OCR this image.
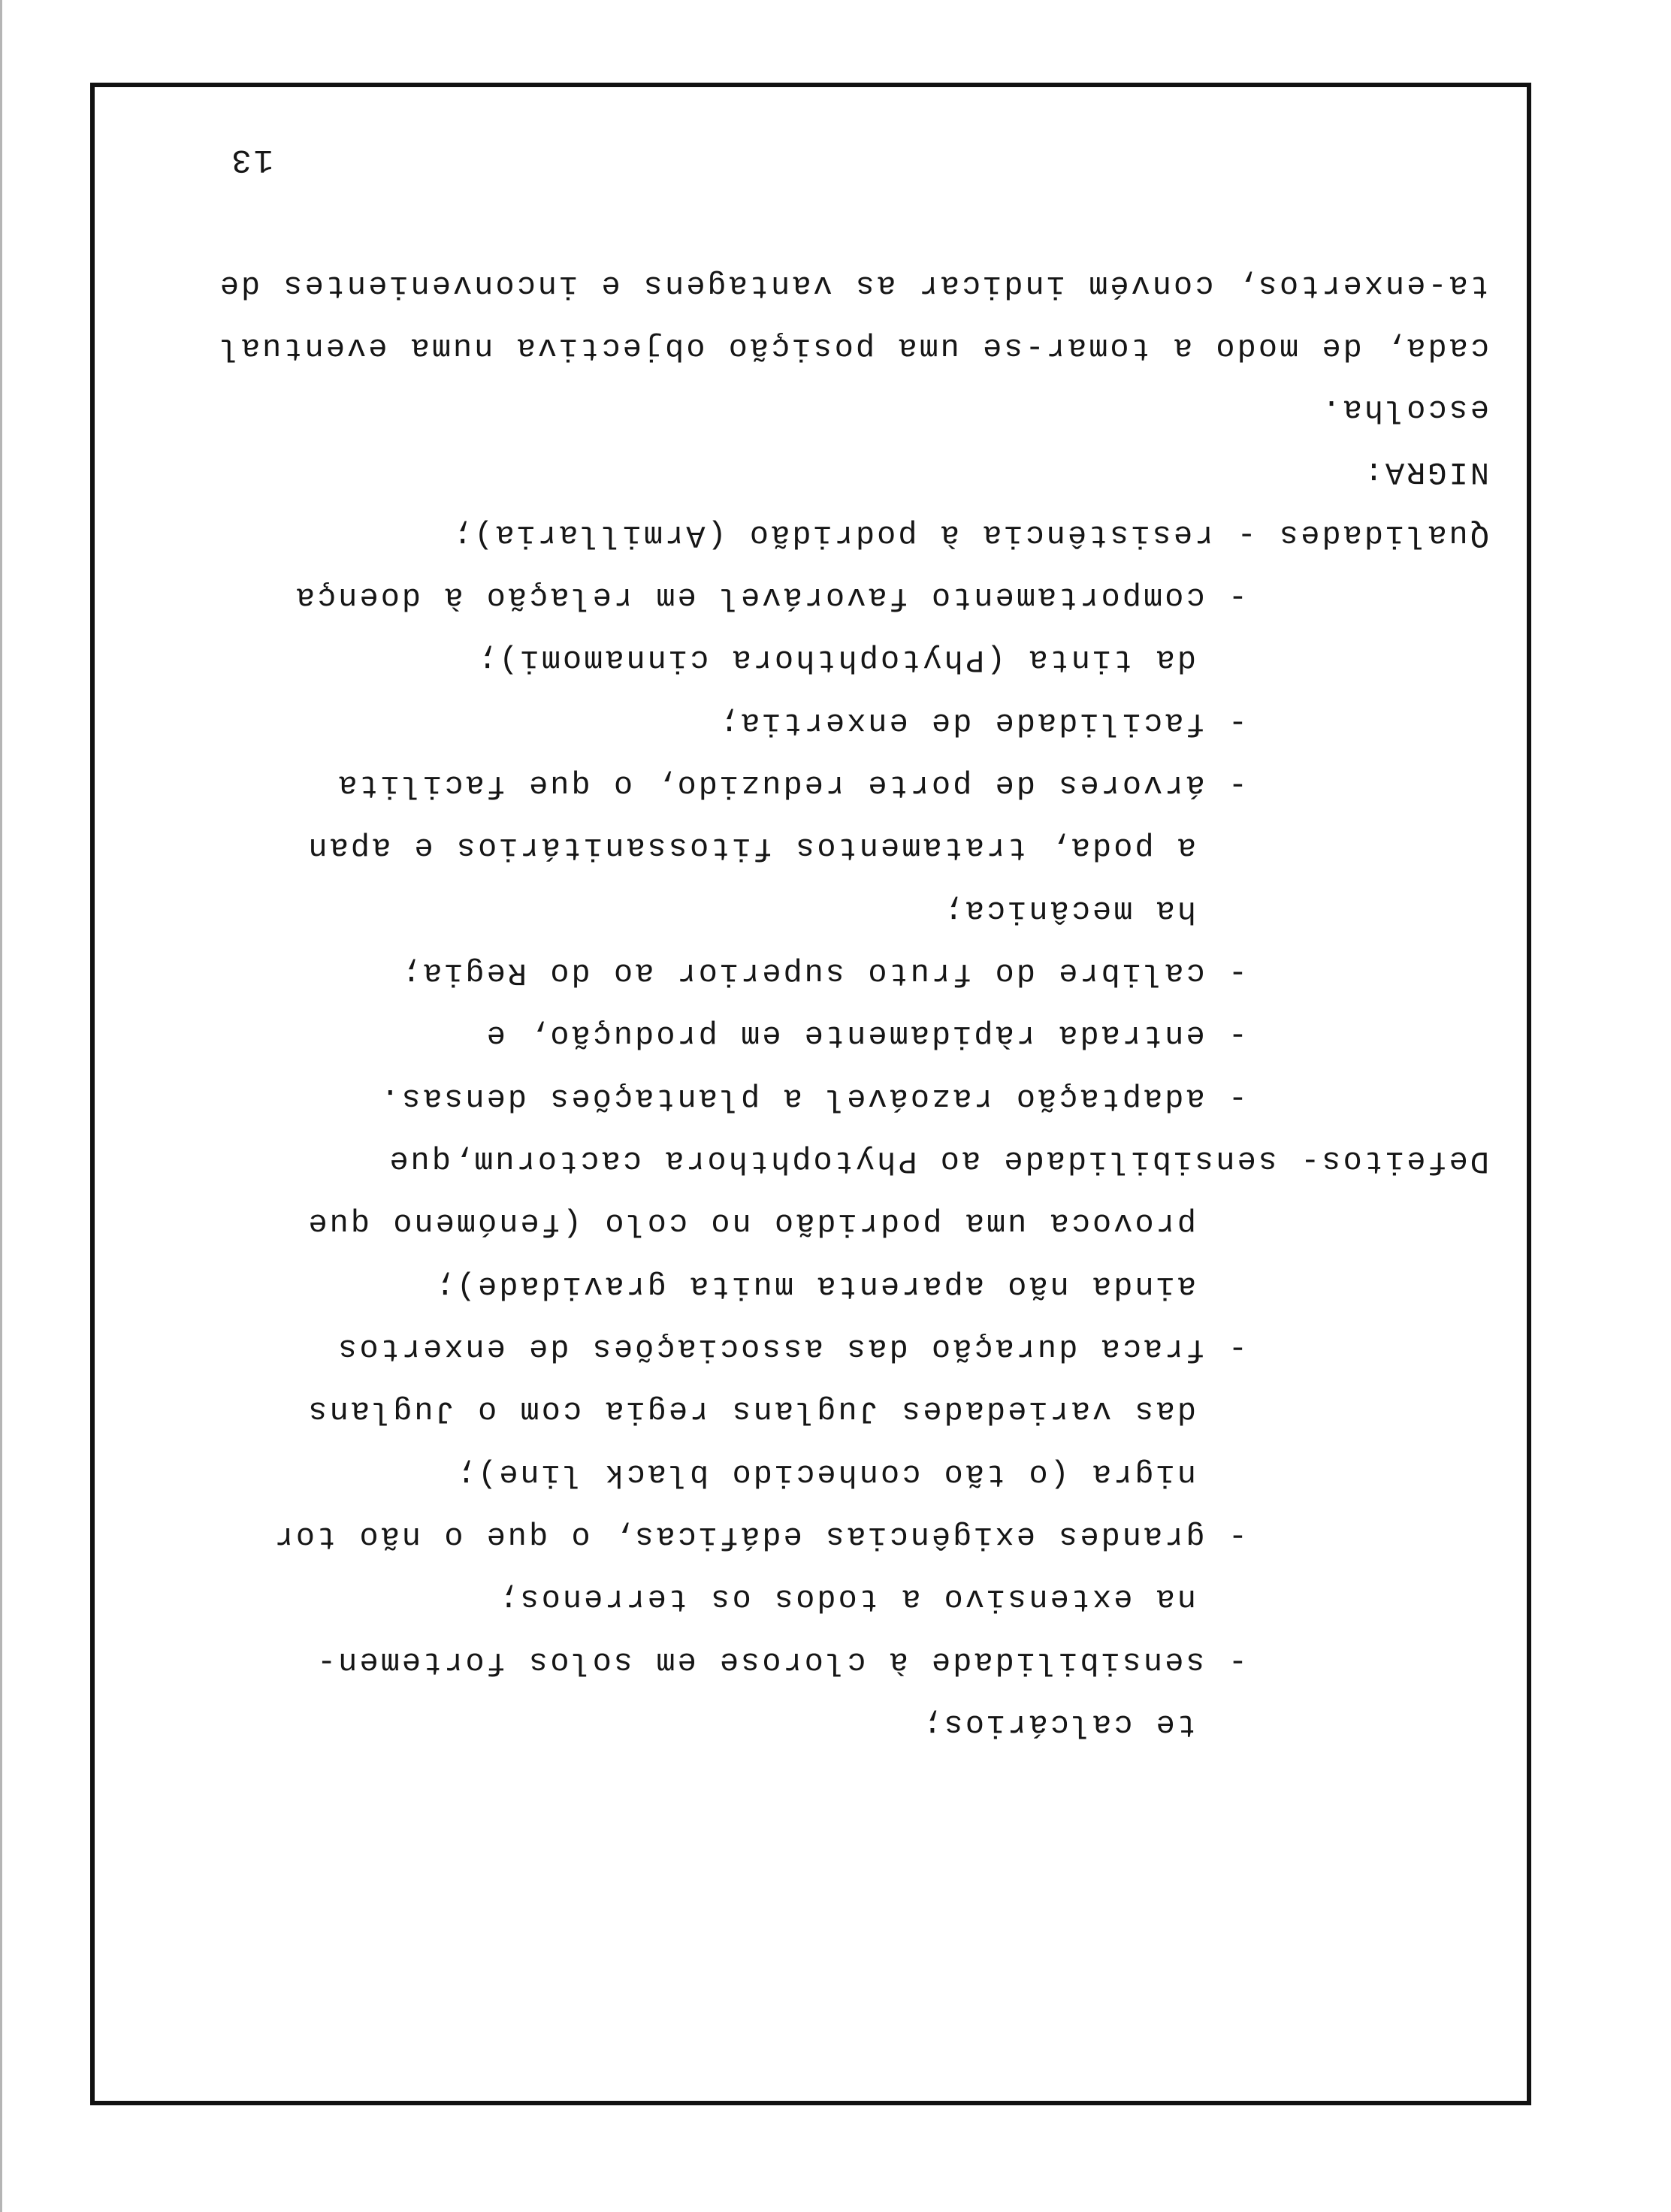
13
ta-enxertos, convém indicar as vantagens e inconvenientes de
cada, de modo a tomar-se uma posição objectiva numa eventual
escolha.
NIGRA:
Qualidades - resistência à podridão (Armillaria);
- comportamento favorável em relação à doença
da tinta (Phytophthora cinnamomi);
- facilidade de enxertia;
- árvores de porte reduzido, o que facilita
a poda, tratamentos fitossanitários e apan
ha mecânica;
- calibre do fruto superior ao do Regia;
- entrada ràpidamente em produção, e
- adaptação razoável a plantações densas.
Defeitos- sensibilidade ao Phytophthora cactorum,que
provoca uma podridão no colo (fenómeno que
ainda não aparenta muita gravidade);
- fraca duração das associações de enxertos
das variedades Juglans regia com o Juglans
nigra (o tão conhecido black line);
- grandes exigências edáficas, o que o não tor
na extensivo a todos os terrenos;
- sensibilidade à clorose em solos fortemen-
te calcários;
